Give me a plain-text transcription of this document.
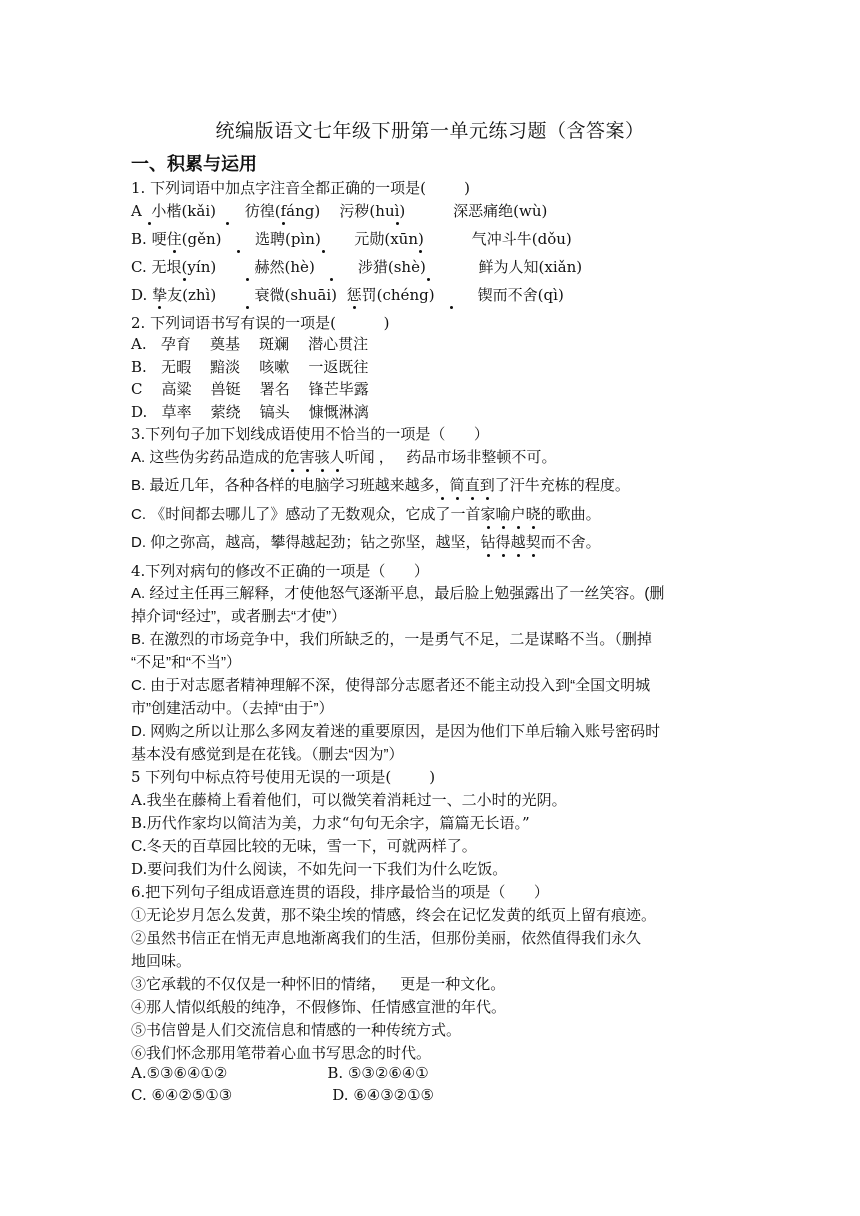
统编版语文七年级下册第一单元练习题（含答案）
一、积累与运用
1. 下列词语中加点字注音全都正确的一项是(        )
A 小楷(kǎi) 彷徨(fáng) 污秽(huì)	深恶痛绝(wù)
B. 哽住(gěn) 选聘(pìn) 元勋(xūn)	气冲斗牛(dǒu)
C. 无垠(yín)	赫然(hè)	涉猎(shè)	鲜为人知(xiǎn)
D. 挚友(zhì)	衰微(shuāi) 惩罚(chéng)	锲而不舍(qì)
2. 下列词语书写有误的一项是(          )
A.   孕育    奠基    斑斓    潜心贯注
B.   无暇    黯淡    咳嗽    一返既往
C    高粱    兽铤    署名    锋芒毕露
D.   草率    萦绕    镐头    慷慨淋漓
3.下列句子加下划线成语使用不恰当的一项是（      ）
A. 这些伪劣药品造成的危害骇人听闻 ， 药品市场非整顿不可。
B. 最近几年，各种各样的电脑学习班越来越多，简直到了汗牛充栋的程度。
C. 《时间都去哪儿了》感动了无数观众，它成了一首家喻户晓的歌曲。
D. 仰之弥高，越高，攀得越起劲；钻之弥坚，越坚，钻得越契而不舍。
4.下列对病句的修改不正确的一项是（      ）
A. 经过主任再三解释，才使他怒气逐渐平息，最后脸上勉强露出了一丝笑容。(删
掉介词“经过”，或者删去“才使”）
B. 在激烈的市场竞争中，我们所缺乏的，一是勇气不足，二是谋略不当。（删掉
“不足”和“不当”）
C. 由于对志愿者精神理解不深，使得部分志愿者还不能主动投入到“全国文明城
市”创建活动中。（去掉“由于”）
D. 网购之所以让那么多网友着迷的重要原因，是因为他们下单后输入账号密码时
基本没有感觉到是在花钱。（删去“因为”）
5 下列句中标点符号使用无误的一项是(        )
A.我坐在藤椅上看着他们，可以微笑着消耗过一、二小时的光阴。
B.历代作家均以简洁为美，力求“句句无余字，篇篇无长语。”
C.冬天的百草园比较的无味，雪一下，可就两样了。
D.要问我们为什么阅读，不如先问一下我们为什么吃饭。
6.把下列句子组成语意连贯的语段，排序最恰当的项是（      ）
①无论岁月怎么发黄，那不染尘埃的情感，终会在记忆发黄的纸页上留有痕迹。
②虽然书信正在悄无声息地渐离我们的生活，但那份美丽，依然值得我们永久
地回味。
③它承载的不仅仅是一种怀旧的情绪，   更是一种文化。
④那人情似纸般的纯净，不假修饰、任情感宣泄的年代。
⑤书信曾是人们交流信息和情感的一种传统方式。
⑥我们怀念那用笔带着心血书写思念的时代。
A.⑤③⑥④①②                     B. ⑤③②⑥④①
C. ⑥④②⑤①③                     D. ⑥④③②①⑤
